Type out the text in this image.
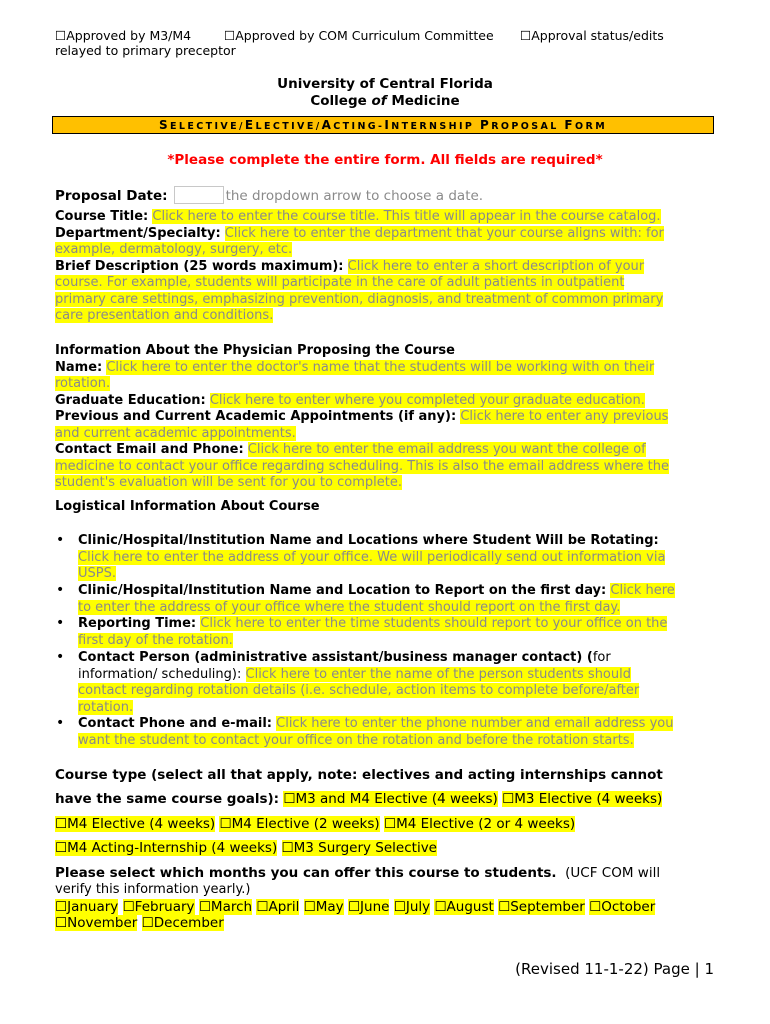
☐Approved by M3/M4
relayed to primary preceptor
☐Approved by COM Curriculum Committee ☐Approval status/edits
University of Central Florida
College of Medicine
SELECTIVE/ELECTIVE/ACTING-INTERNSHIP PROPOSAL FORM
*Please complete the entire form. All fields are required*
Proposal Date:	the dropdown arrow to choose a date.
Course Title: Click here to enter the course title. This title will appear in the course catalog.
Department/Specialty: Click here to enter the department that your course aligns with: for
example, dermatology, surgery, etc.
Brief Description (25 words maximum): Click here to enter a short description of your
course. For example, students will participate in the care of adult patients in outpatient
primary care settings, emphasizing prevention, diagnosis, and treatment of common primary
care presentation and conditions.
Information About the Physician Proposing the Course
Name: Click here to enter the doctor's name that the students will be working with on their
rotation.
Graduate Education: Click here to enter where you completed your graduate education.
Previous and Current Academic Appointments (if any): Click here to enter any previous
and current academic appointments.
Contact Email and Phone: Click here to enter the email address you want the college of
medicine to contact your office regarding scheduling. This is also the email address where the
student's evaluation will be sent for you to complete.
Logistical Information About Course
• Clinic/Hospital/Institution Name and Locations where Student Will be Rotating:
Click here to enter the address of your office. We will periodically send out information via
USPS.
• Clinic/Hospital/Institution Name and Location to Report on the first day: Click here
to enter the address of your office where the student should report on the first day.
• Reporting Time: Click here to enter the time students should report to your office on the
first day of the rotation.
• Contact Person (administrative assistant/business manager contact) (for
information/ scheduling): Click here to enter the name of the person students should
contact regarding rotation details (i.e. schedule, action items to complete before/after
rotation.
• Contact Phone and e-mail: Click here to enter the phone number and email address you
want the student to contact your office on the rotation and before the rotation starts.
Course type (select all that apply, note: electives and acting internships cannot
have the same course goals): ☐M3 and M4 Elective (4 weeks) ☐M3 Elective (4 weeks)
☐M4 Elective (4 weeks) ☐M4 Elective (2 weeks) ☐M4 Elective (2 or 4 weeks)
☐M4 Acting-Internship (4 weeks) ☐M3 Surgery Selective
Please select which months you can offer this course to students. (UCF COM will
verify this information yearly.)
☐January ☐February ☐March ☐April ☐May ☐June ☐July ☐August ☐September ☐October
☐November ☐December
(Revised 11-1-22) Page | 1
